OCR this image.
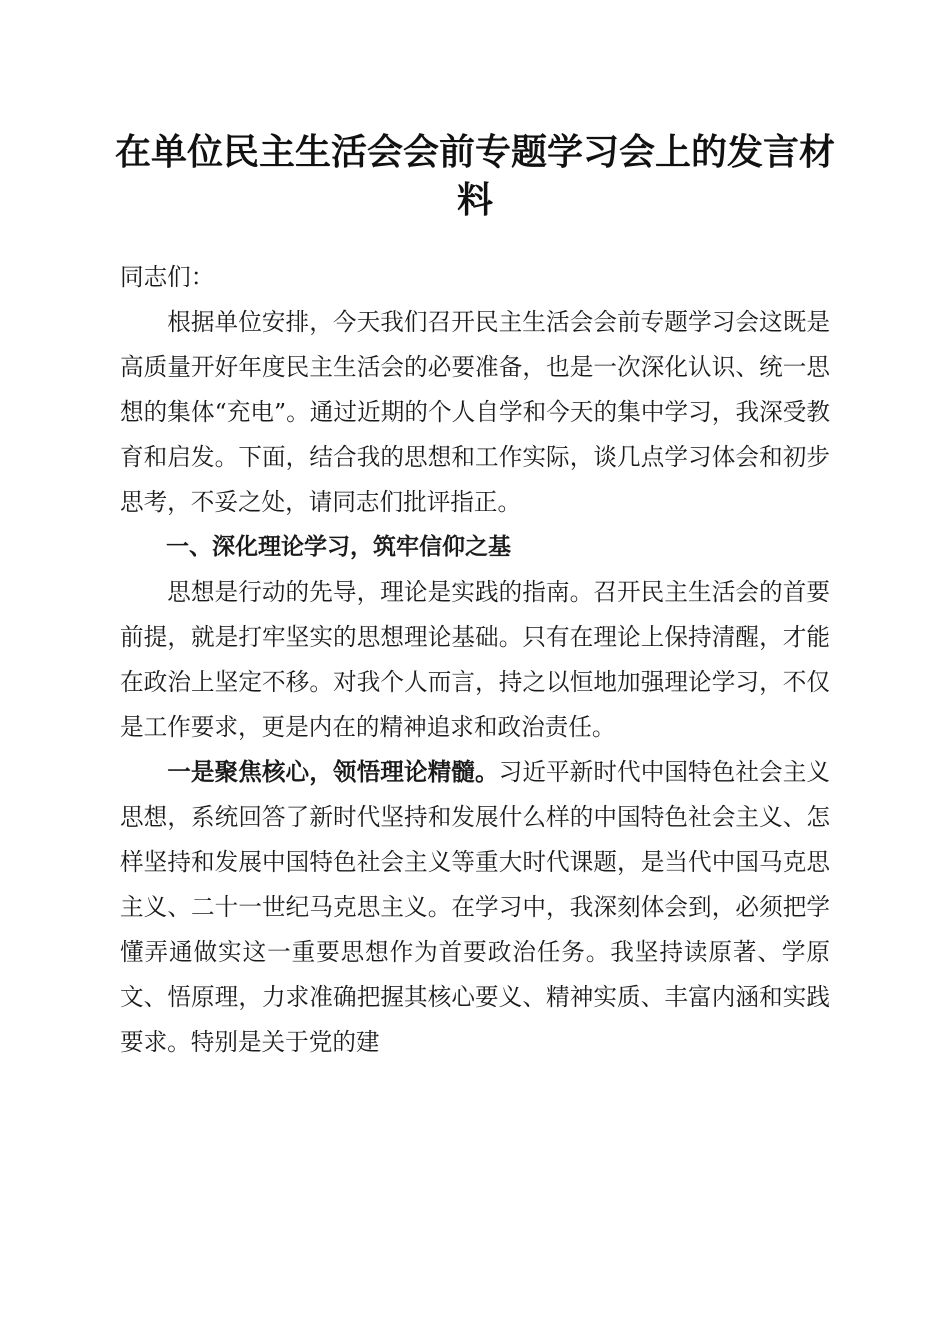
在单位民主生活会会前专题学习会上的发言材料

同志们：

根据单位安排，今天我们召开民主生活会会前专题学习会这既是高质量开好年度民主生活会的必要准备，也是一次深化认识、统一思想的集体“充电”。通过近期的个人自学和今天的集中学习，我深受教育和启发。下面，结合我的思想和工作实际，谈几点学习体会和初步思考，不妥之处，请同志们批评指正。

一、深化理论学习，筑牢信仰之基

思想是行动的先导，理论是实践的指南。召开民主生活会的首要前提，就是打牢坚实的思想理论基础。只有在理论上保持清醒，才能在政治上坚定不移。对我个人而言，持之以恒地加强理论学习，不仅是工作要求，更是内在的精神追求和政治责任。

一是聚焦核心，领悟理论精髓。习近平新时代中国特色社会主义思想，系统回答了新时代坚持和发展什么样的中国特色社会主义、怎样坚持和发展中国特色社会主义等重大时代课题，是当代中国马克思主义、二十一世纪马克思主义。在学习中，我深刻体会到，必须把学懂弄通做实这一重要思想作为首要政治任务。我坚持读原著、学原文、悟原理，力求准确把握其核心要义、精神实质、丰富内涵和实践要求。特别是关于党的建
